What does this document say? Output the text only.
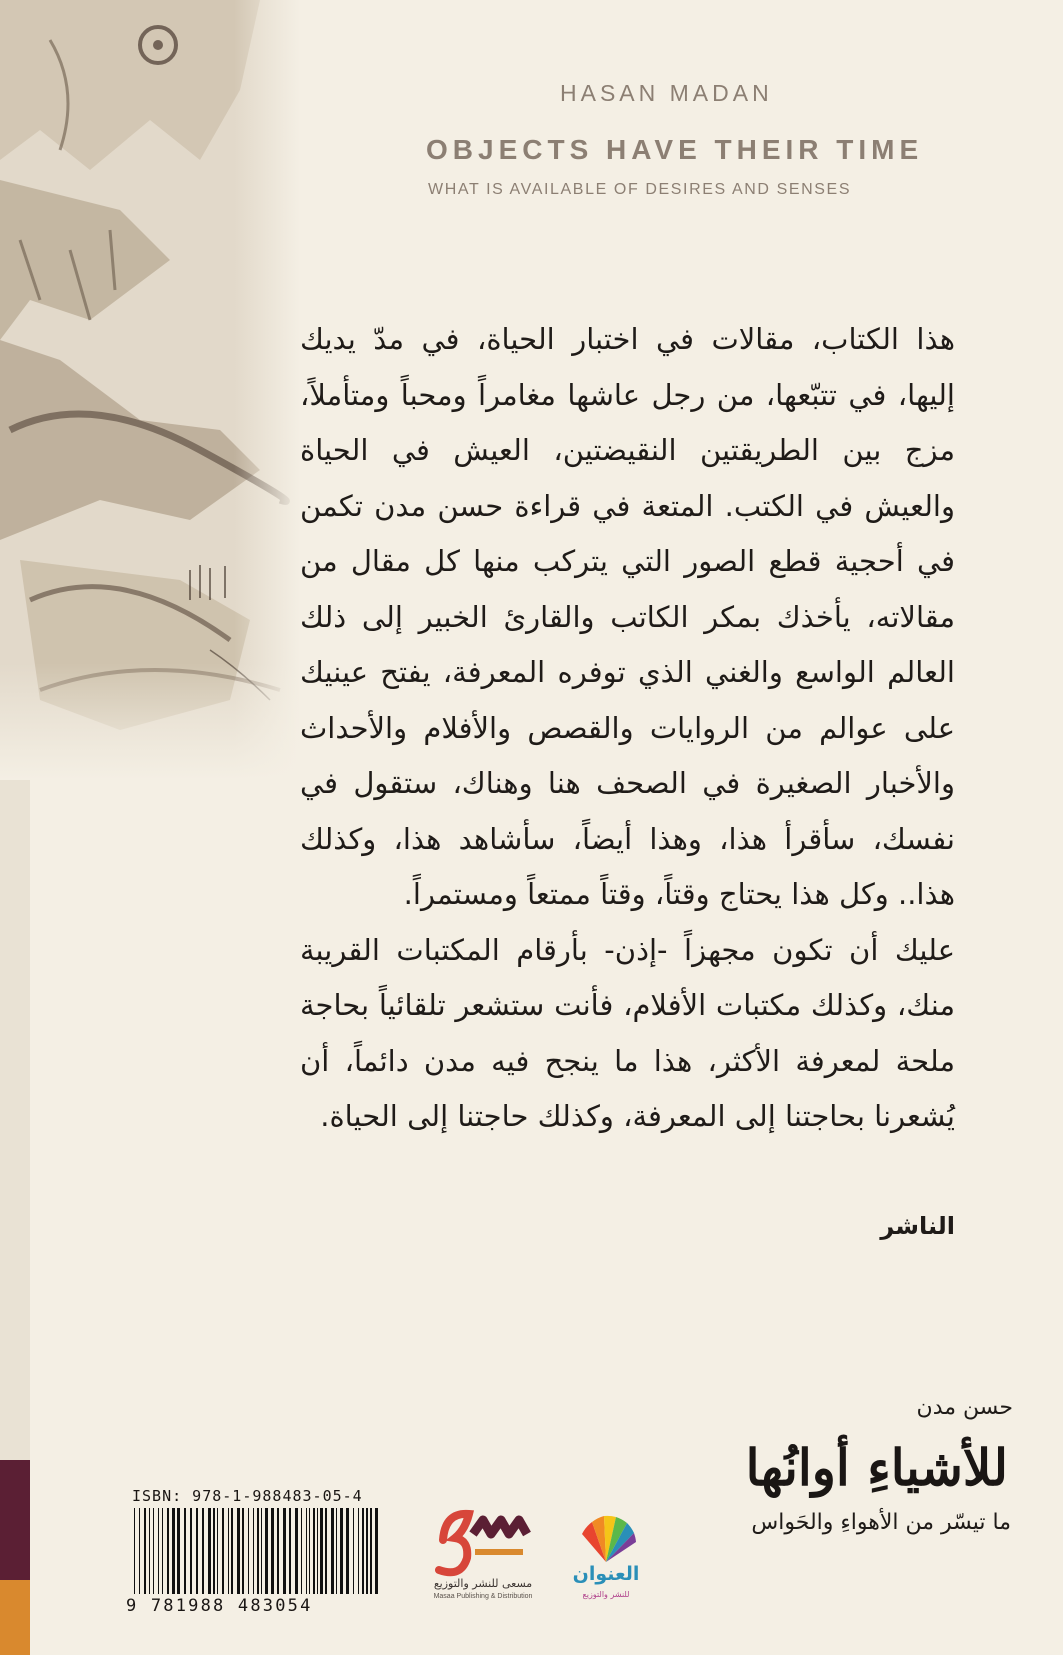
HASAN MADAN
OBJECTS HAVE THEIR TIME
WHAT IS AVAILABLE OF DESIRES AND SENSES

هذا الكتاب، مقالات في اختبار الحياة، في مدّ يديك إليها، في تتبّعها، من رجل عاشها مغامراً ومحباً ومتأملاً، مزج بين الطريقتين النقيضتين، العيش في الحياة والعيش في الكتب. المتعة في قراءة حسن مدن تكمن في أحجية قطع الصور التي يتركب منها كل مقال من مقالاته، يأخذك بمكر الكاتب والقارئ الخبير إلى ذلك العالم الواسع والغني الذي توفره المعرفة، يفتح عينيك على عوالم من الروايات والقصص والأفلام والأحداث والأخبار الصغيرة في الصحف هنا وهناك، ستقول في نفسك، سأقرأ هذا، وهذا أيضاً، سأشاهد هذا، وكذلك هذا.. وكل هذا يحتاج وقتاً، وقتاً ممتعاً ومستمراً.

عليك أن تكون مجهزاً -إذن- بأرقام المكتبات القريبة منك، وكذلك مكتبات الأفلام، فأنت ستشعر تلقائياً بحاجة ملحة لمعرفة الأكثر، هذا ما ينجح فيه مدن دائماً، أن يُشعرنا بحاجتنا إلى المعرفة، وكذلك حاجتنا إلى الحياة.

الناشر
حسن مدن
للأشياءِ أوانُها
ما تيسّر من الأهواءِ والحَواس
ISBN: 978-1-988483-05-4
9 781988 483054
مسعى للنشر والتوزيع
Masaa Publishing & Distribution
العنوان
للنشر والتوزيع
